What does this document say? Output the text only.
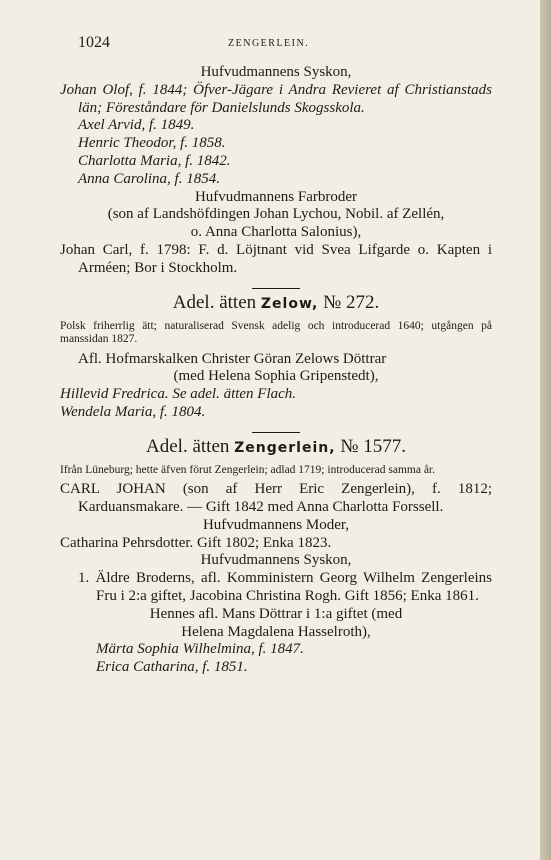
1024	ZENGERLEIN.

Hufvudmannens Syskon,

Johan Olof, f. 1844; Öfver-Jägare i Andra Revieret af Christianstads län; Föreståndare för Danielslunds Skogsskola.

Axel Arvid, f. 1849.

Henric Theodor, f. 1858.

Charlotta Maria, f. 1842.

Anna Carolina, f. 1854.

Hufvudmannens Farbroder

(son af Landshöfdingen Johan Lychou, Nobil. af Zellén,

o. Anna Charlotta Salonius),

Johan Carl, f. 1798: F. d. Löjtnant vid Svea Lifgarde o. Kapten i Arméen; Bor i Stockholm.

Adel. ätten Zelow, № 272.

Polsk friherrlig ätt; naturaliserad Svensk adelig och introducerad 1640; utgången på manssidan 1827.

Afl. Hofmarskalken Christer Göran Zelows Döttrar

(med Helena Sophia Gripenstedt),

Hillevid Fredrica. Se adel. ätten Flach.

Wendela Maria, f. 1804.

Adel. ätten Zengerlein, № 1577.

Ifrån Lüneburg; hette äfven förut Zengerlein; adlad 1719; introducerad samma år.

CARL JOHAN (son af Herr Eric Zengerlein), f. 1812; Karduansmakare. — Gift 1842 med Anna Charlotta Forssell.

Hufvudmannens Moder,

Catharina Pehrsdotter. Gift 1802; Enka 1823.

Hufvudmannens Syskon,

1. Äldre Broderns, afl. Komministern Georg Wilhelm Zengerleins Fru i 2:a giftet, Jacobina Christina Rogh. Gift 1856; Enka 1861.

Hennes afl. Mans Döttrar i 1:a giftet (med

Helena Magdalena Hasselroth),

Märta Sophia Wilhelmina, f. 1847.

Erica Catharina, f. 1851.
